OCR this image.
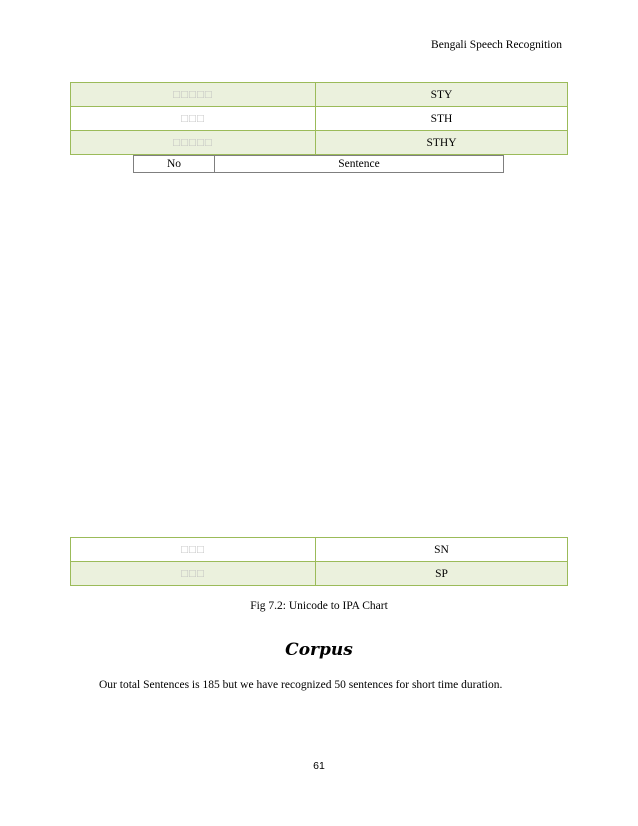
Bengali Speech Recognition
□□□□□	STY
□□□	STH
□□□□□	STHY
No	Sentence
□□□	SN
□□□	SP
Fig 7.2: Unicode to IPA Chart
Corpus
Our total Sentences is 185 but we have recognized 50 sentences for short time duration.
61
